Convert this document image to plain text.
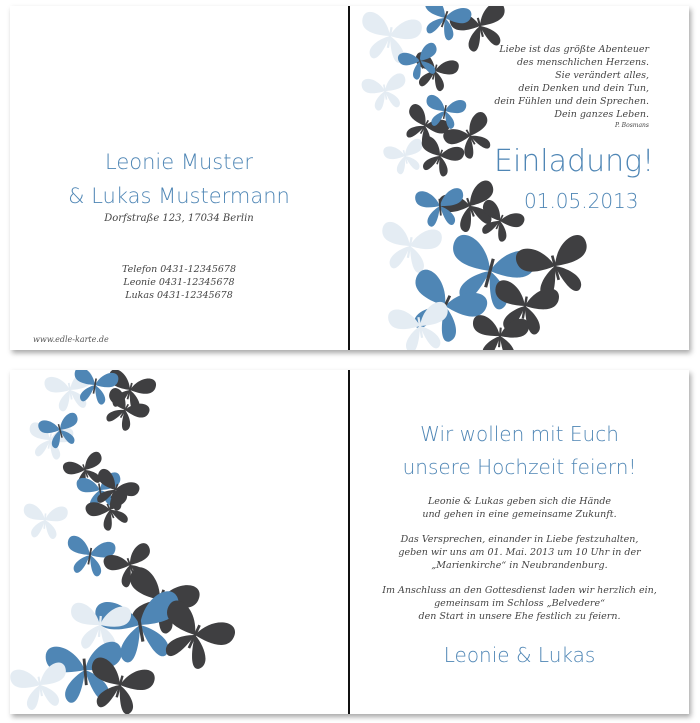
Leonie Muster

& Lukas Mustermann

Dorfstraße 123, 17034 Berlin

Telefon 0431-12345678

Leonie 0431-12345678

Lukas 0431-12345678

www.edle-karte.de

Liebe ist das größte Abenteuer

des menschlichen Herzens.

Sie verändert alles,

dein Denken und dein Tun,

dein Fühlen und dein Sprechen.

Dein ganzes Leben.

P. Bosmans

Einladung!

01.05.2013

Wir wollen mit Euch

unsere Hochzeit feiern!

Leonie & Lukas geben sich die Hände

und gehen in eine gemeinsame Zukunft.

Das Versprechen, einander in Liebe festzuhalten,

geben wir uns am 01. Mai. 2013 um 10 Uhr in der

„Marienkirche“ in Neubrandenburg.

Im Anschluss an den Gottesdienst laden wir herzlich ein,

gemeinsam im Schloss „Belvedere“

den Start in unsere Ehe festlich zu feiern.

Leonie & Lukas
